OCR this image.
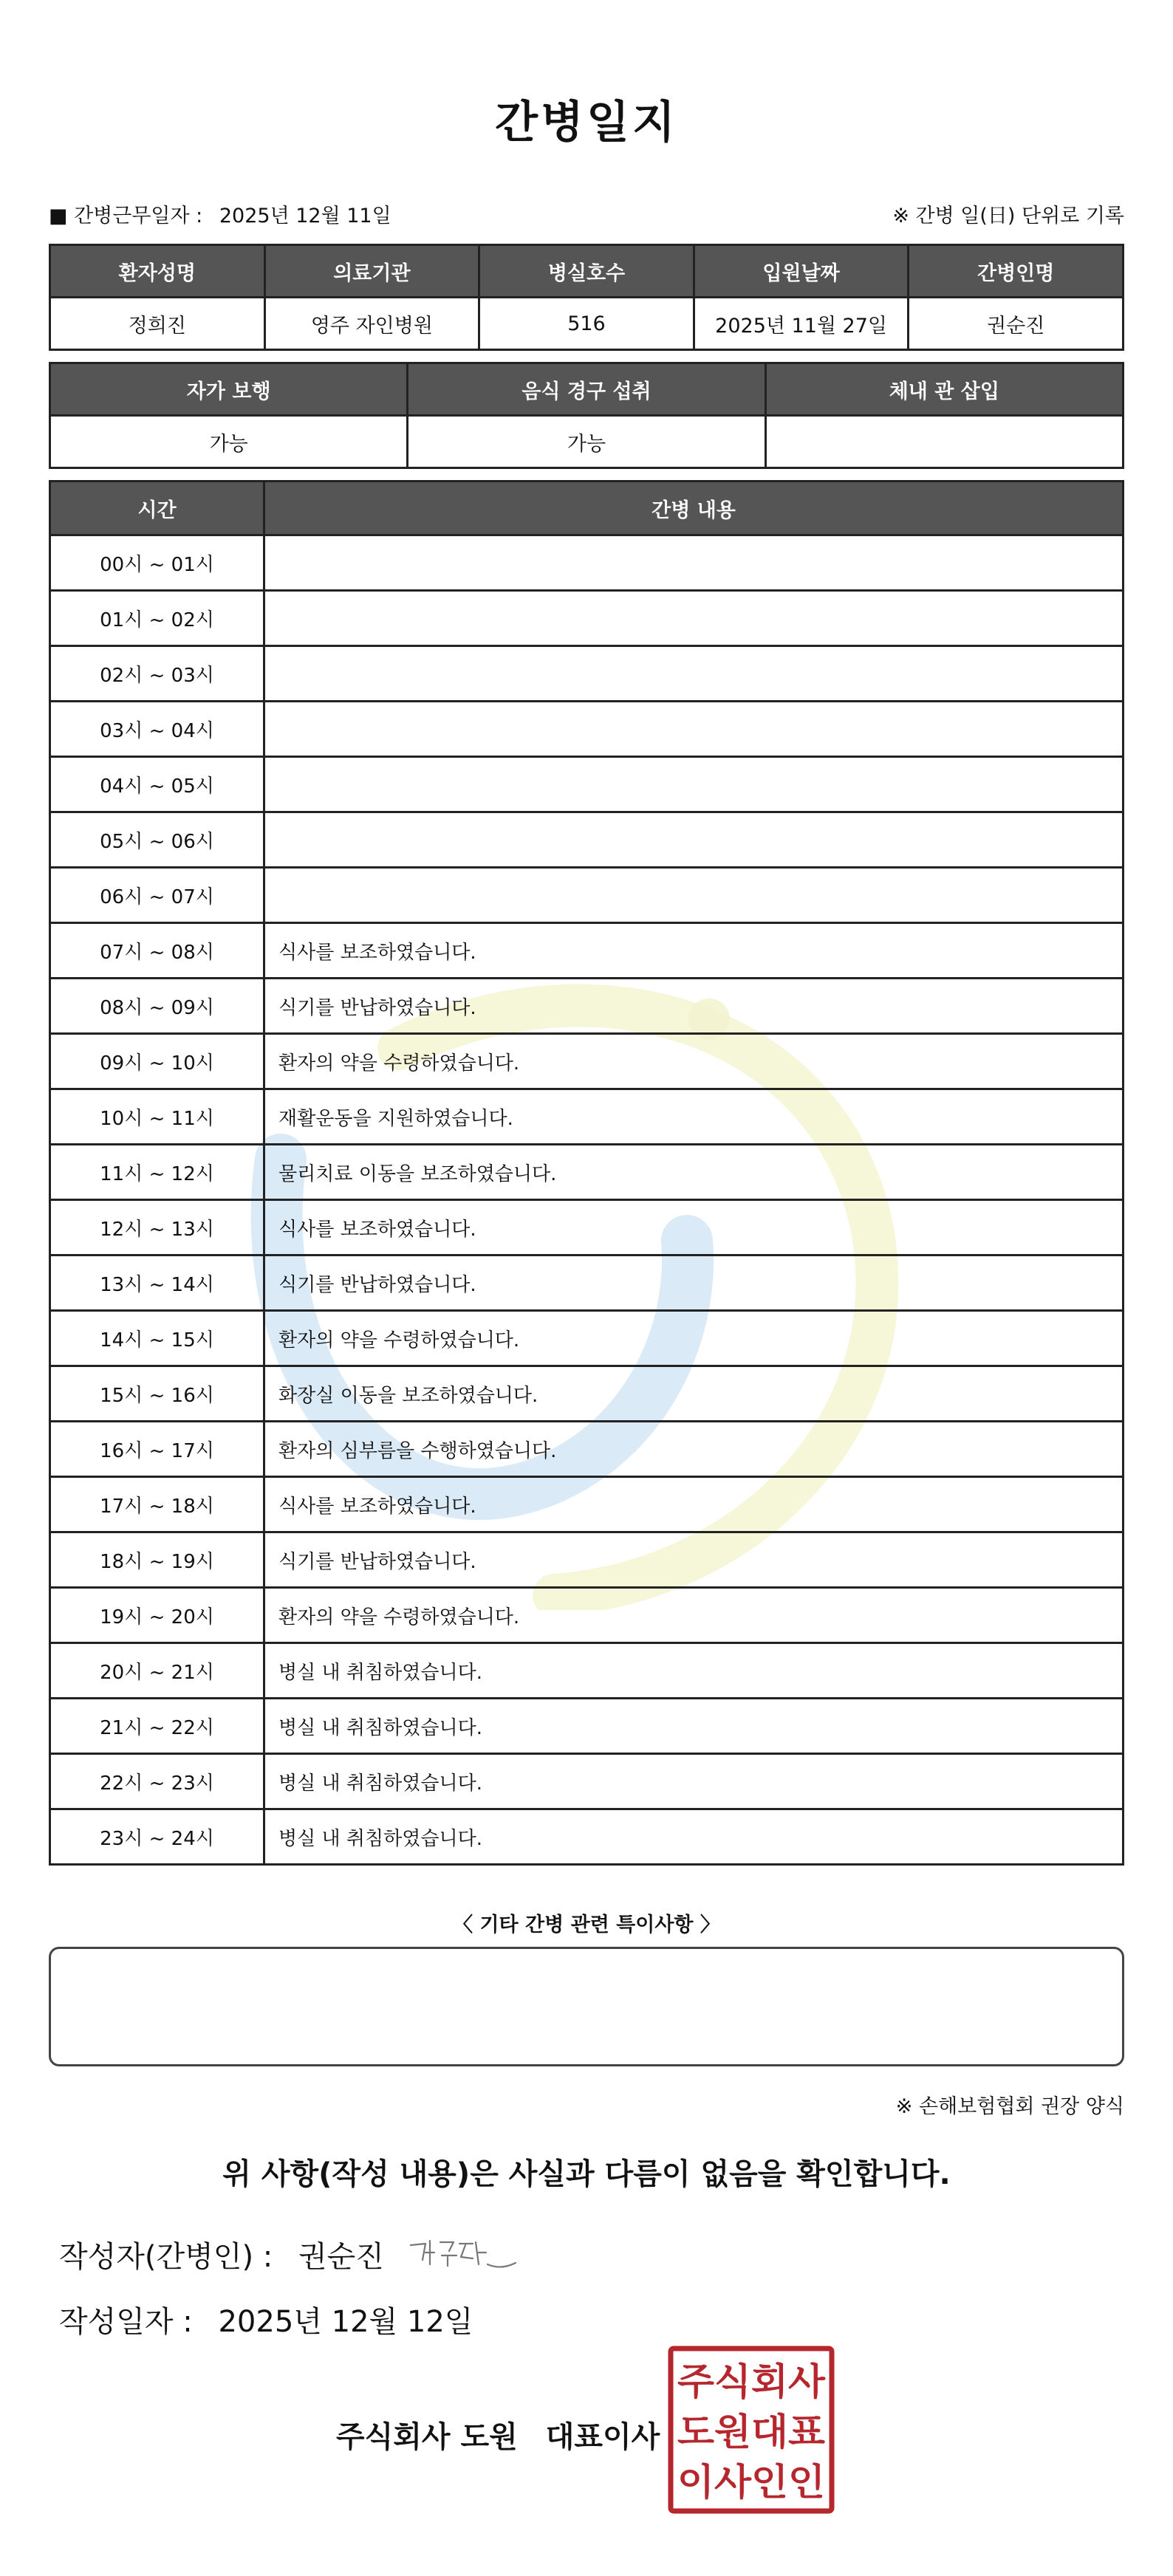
간병일지
■ 간병근무일자 : 2025년 12월 11일	※ 간병 일(日) 단위로 기록
환자성명	의료기관	병실호수	입원날짜	간병인명
정희진	영주 자인병원	516	2025년 11월 27일	권순진
자가 보행	음식 경구 섭취	체내 관 삽입
가능	가능	
시간	간병 내용
00시 ~ 01시	
01시 ~ 02시	
02시 ~ 03시	
03시 ~ 04시	
04시 ~ 05시	
05시 ~ 06시	
06시 ~ 07시	
07시 ~ 08시	식사를 보조하였습니다.
08시 ~ 09시	식기를 반납하였습니다.
09시 ~ 10시	환자의 약을 수령하였습니다.
10시 ~ 11시	재활운동을 지원하였습니다.
11시 ~ 12시	물리치료 이동을 보조하였습니다.
12시 ~ 13시	식사를 보조하였습니다.
13시 ~ 14시	식기를 반납하였습니다.
14시 ~ 15시	환자의 약을 수령하였습니다.
15시 ~ 16시	화장실 이동을 보조하였습니다.
16시 ~ 17시	환자의 심부름을 수행하였습니다.
17시 ~ 18시	식사를 보조하였습니다.
18시 ~ 19시	식기를 반납하였습니다.
19시 ~ 20시	환자의 약을 수령하였습니다.
20시 ~ 21시	병실 내 취침하였습니다.
21시 ~ 22시	병실 내 취침하였습니다.
22시 ~ 23시	병실 내 취침하였습니다.
23시 ~ 24시	병실 내 취침하였습니다.
〈 기타 간병 관련 특이사항 〉
※ 손해보험협회 권장 양식
위 사항(작성 내용)은 사실과 다름이 없음을 확인합니다.
작성자(간병인) : 권순진
작성일자 : 2025년 12월 12일
주식회사 도원 대표이사
주식회사
도원대표
이사인인
